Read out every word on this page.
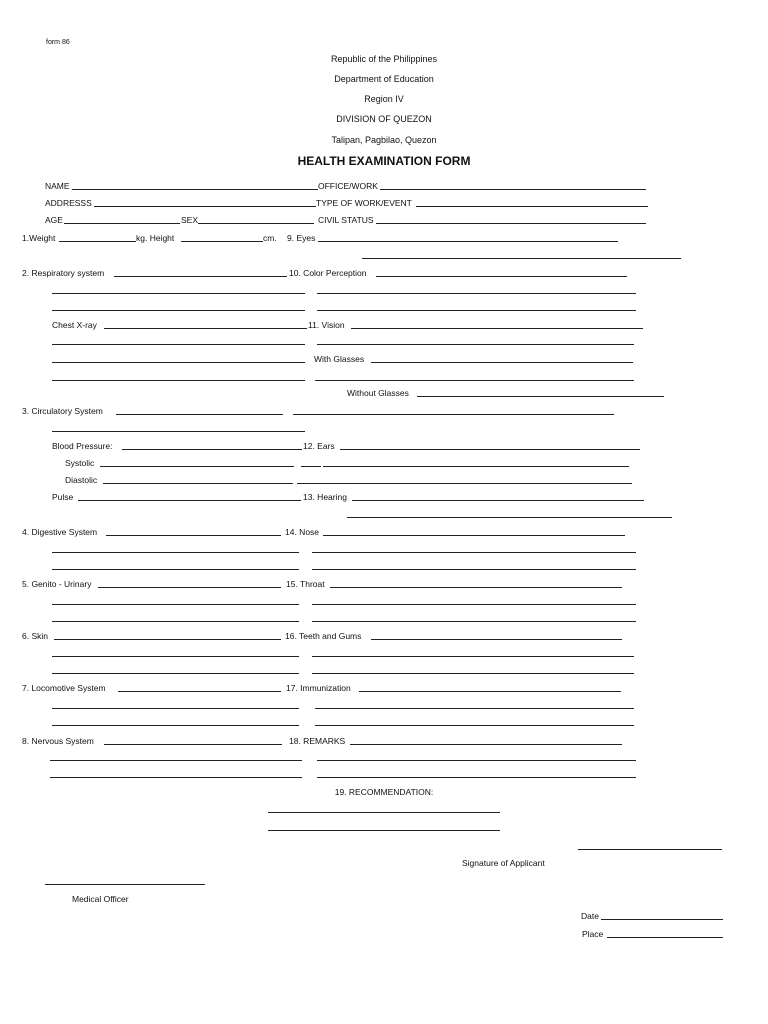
form 86
Republic of the Philippines
Department of Education
Region IV
DIVISION OF QUEZON
Talipan, Pagbilao, Quezon
HEALTH EXAMINATION FORM
NAME	OFFICE/WORK
ADDRESSS	TYPE OF WORK/EVENT
AGE	SEX	CIVIL STATUS
1.Weight	kg. Height	cm. 9. Eyes
2. Respiratory system	10. Color Perception
Chest X-ray	11. Vision
With Glasses
Without Glasses
3. Circulatory System
Blood Pressure:	12. Ears
Systolic
Diastolic
Pulse	13. Hearing
4. Digestive System	14. Nose
5. Genito - Urinary	15. Throat
6. Skin	16. Teeth and Gums
7. Locomotive System	17. Immunization
8. Nervous System	18. REMARKS
19. RECOMMENDATION:
Signature of Applicant
Medical Officer
Date
Place
